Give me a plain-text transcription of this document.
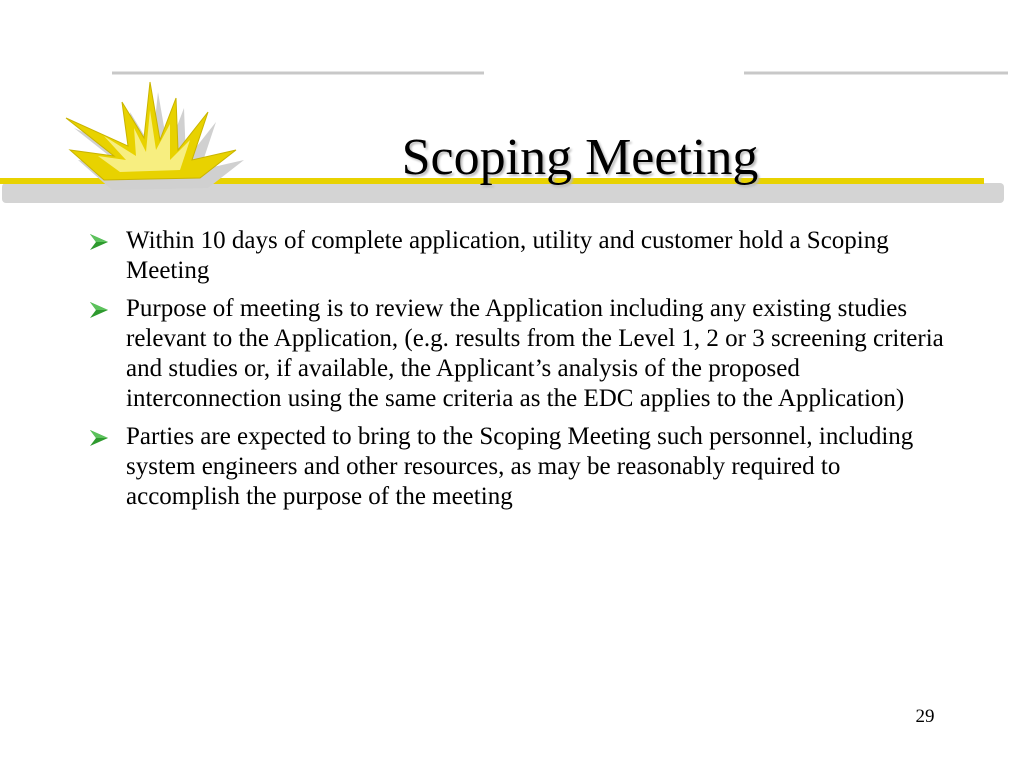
Scoping Meeting
Within 10 days of complete application, utility and customer hold a Scoping Meeting
Purpose of meeting is to review the Application including any existing studies relevant to the Application, (e.g. results from the Level 1, 2 or 3 screening criteria and studies or, if available, the Applicant’s analysis of the proposed interconnection using the same criteria as the EDC applies to the Application)
Parties are expected to bring to the Scoping Meeting such personnel, including system engineers and other resources, as may be reasonably required to accomplish the purpose of the meeting
29
